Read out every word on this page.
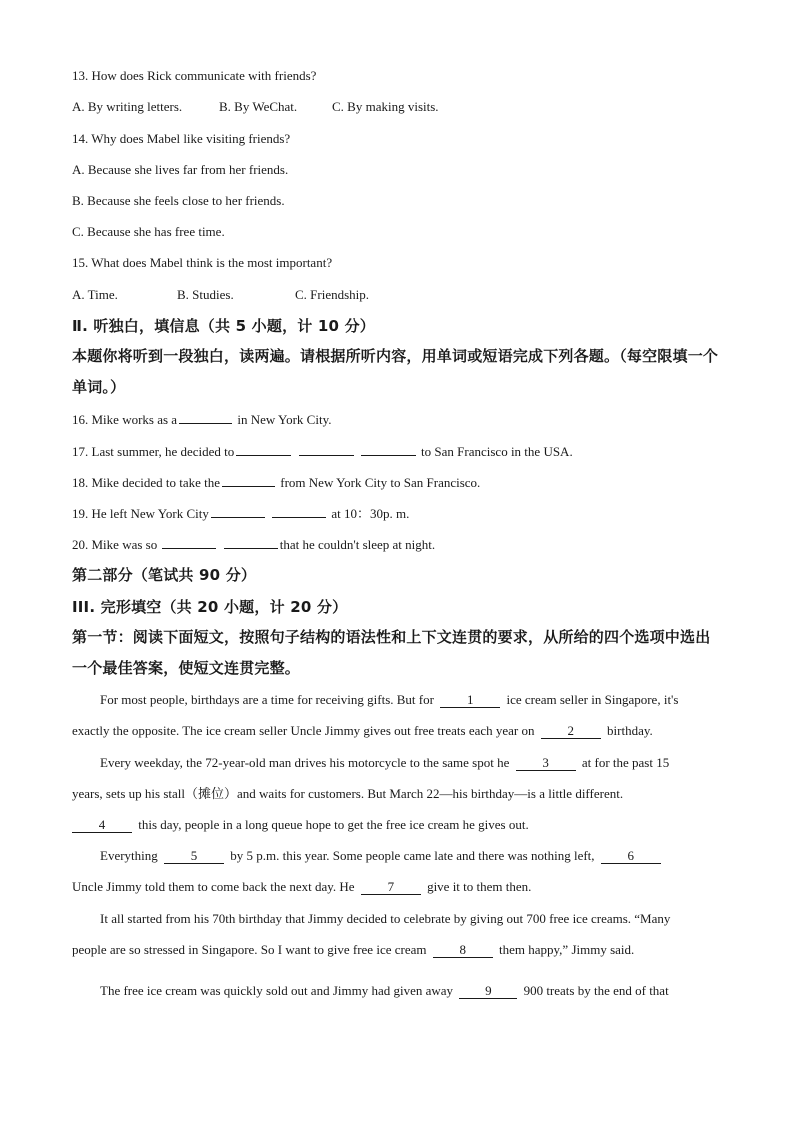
13. How does Rick communicate with friends?
A. By writing letters.	B. By WeChat.	C. By making visits.
14. Why does Mabel like visiting friends?
A. Because she lives far from her friends.
B. Because she feels close to her friends.
C. Because she has free time.
15. What does Mabel think is the most important?
A. Time.	B. Studies.	C. Friendship.
Ⅱ. 听独白，填信息（共 5 小题，计 10 分）
本题你将听到一段独白，读两遍。请根据所听内容，用单词或短语完成下列各题。（每空限填一个单词。）
16. Mike works as a	in New York City.
17. Last summer, he decided to	to San Francisco in the USA.
18. Mike decided to take the	from New York City to San Francisco.
19. He left New York City	at 10：30p. m.
20. Mike was so	that he couldn't sleep at night.
第二部分（笔试共 90 分）
III. 完形填空（共 20 小题，计 20 分）
第一节：阅读下面短文，按照句子结构的语法性和上下文连贯的要求，从所给的四个选项中选出一个最佳答案，使短文连贯完整。
For most people, birthdays are a time for receiving gifts. But for 1 ice cream seller in Singapore, it's
exactly the opposite. The ice cream seller Uncle Jimmy gives out free treats each year on 2 birthday.
Every weekday, the 72-year-old man drives his motorcycle to the same spot he 3 at for the past 15
years, sets up his stall（摊位）and waits for customers. But March 22—his birthday—is a little different.
4 this day, people in a long queue hope to get the free ice cream he gives out.
Everything 5 by 5 p.m. this year. Some people came late and there was nothing left, 6
Uncle Jimmy told them to come back the next day. He 7 give it to them then.
It all started from his 70th birthday that Jimmy decided to celebrate by giving out 700 free ice creams. “Many
people are so stressed in Singapore. So I want to give free ice cream 8 them happy,” Jimmy said.
The free ice cream was quickly sold out and Jimmy had given away 9 900 treats by the end of that
